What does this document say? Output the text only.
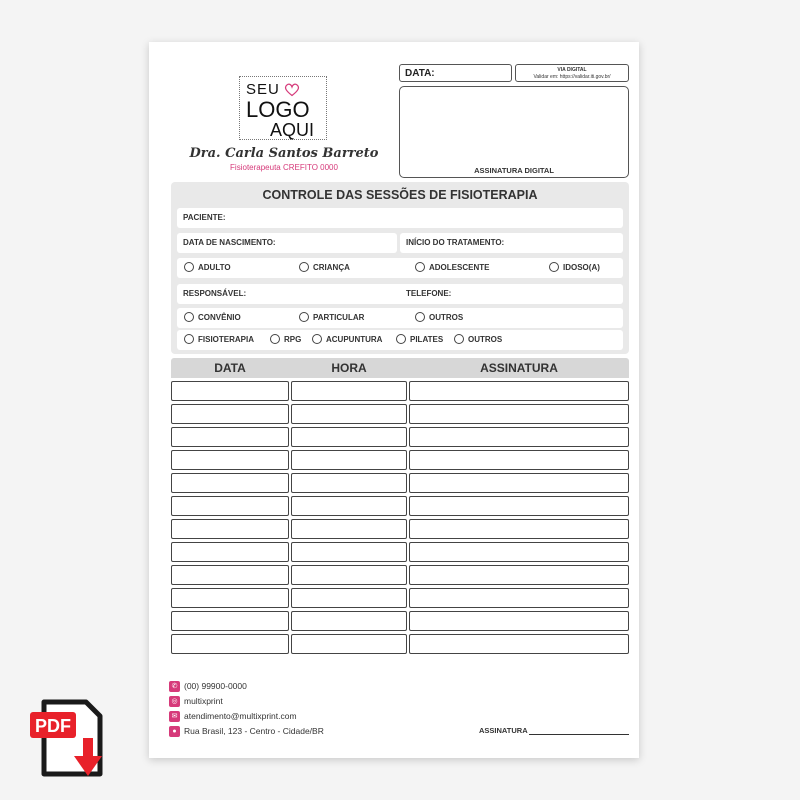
SEU
LOGO
AQUI
Dra. Carla Santos Barreto
Fisioterapeuta CREFITO 0000
DATA:	VIA DIGITAL
Validar em: https://validar.iti.gov.br/
ASSINATURA DIGITAL
CONTROLE DAS SESSÕES DE FISIOTERAPIA
PACIENTE:
DATA DE NASCIMENTO:	INÍCIO DO TRATAMENTO:
ADULTO	CRIANÇA	ADOLESCENTE	IDOSO(A)
RESPONSÁVEL:	TELEFONE:
CONVÊNIO	PARTICULAR	OUTROS
FISIOTERAPIA	RPG	ACUPUNTURA	PILATES	OUTROS
DATA	HORA	ASSINATURA
✆ (00) 99900-0000
◎ multixprint
✉ atendimento@multixprint.com
● Rua Brasil, 123 - Centro - Cidade/BR	ASSINATURA
PDF
